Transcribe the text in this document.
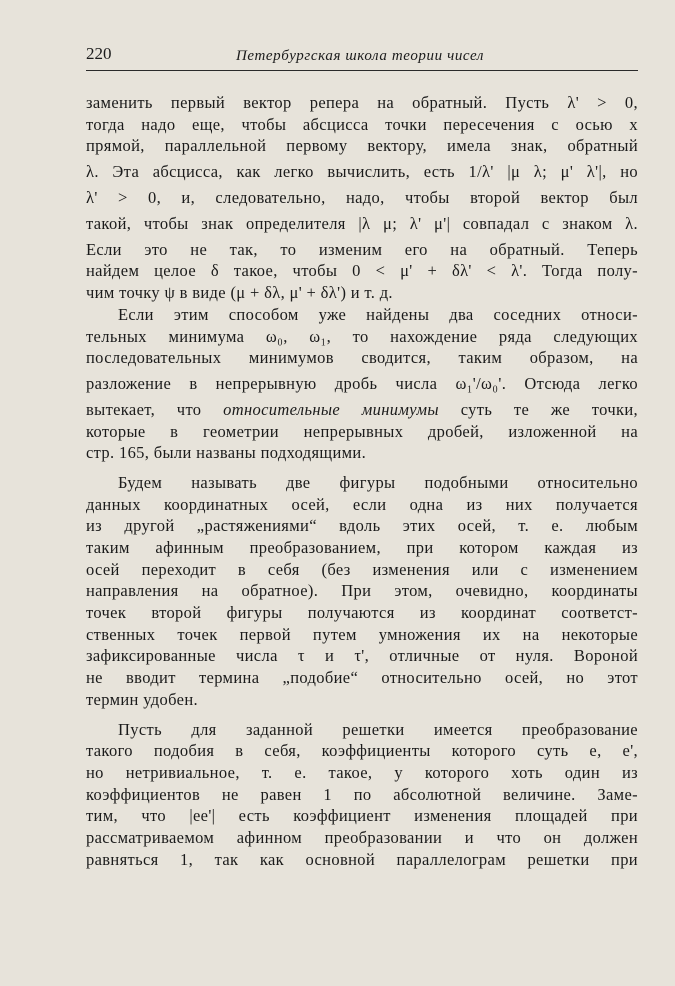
220	Петербургская школа теории чисел
заменить первый вектор репера на обратный. Пусть λ' > 0,
тогда надо еще, чтобы абсцисса точки пересечения с осью x
прямой, параллельной первому вектору, имела знак, обратный
λ. Эта абсцисса, как легко вычислить, есть 1/λ' |μ λ; μ' λ'|, но
λ' > 0, и, следовательно, надо, чтобы второй вектор был
такой, чтобы знак определителя |λ μ; λ' μ'| совпадал с знаком λ.
Если это не так, то изменим его на обратный. Теперь
найдем целое δ такое, чтобы 0 < μ' + δλ' < λ'. Тогда полу-
чим точку ψ в виде (μ + δλ, μ' + δλ') и т. д.
Если этим способом уже найдены два соседних относи-
тельных минимума ω₀, ω₁, то нахождение ряда следующих
последовательных минимумов сводится, таким образом, на
разложение в непрерывную дробь числа ω₁'/ω₀'. Отсюда легко
вытекает, что относительные минимумы суть те же точки,
которые в геометрии непрерывных дробей, изложенной на
стр. 165, были названы подходящими.
Будем называть две фигуры подобными относительно
данных координатных осей, если одна из них получается
из другой „растяжениями“ вдоль этих осей, т. е. любым
таким афинным преобразованием, при котором каждая из
осей переходит в себя (без изменения или с изменением
направления на обратное). При этом, очевидно, координаты
точек второй фигуры получаются из координат соответст-
ственных точек первой путем умножения их на некоторые
зафиксированные числа τ и τ', отличные от нуля. Вороной
не вводит термина „подобие“ относительно осей, но этот
термин удобен.
Пусть для заданной решетки имеется преобразование
такого подобия в себя, коэффициенты которого суть e, e',
но нетривиальное, т. е. такое, у которого хоть один из
коэффициентов не равен 1 по абсолютной величине. Заме-
тим, что |ee'| есть коэффициент изменения площадей при
рассматриваемом афинном преобразовании и что он должен
равняться 1, так как основной параллелограм решетки при
